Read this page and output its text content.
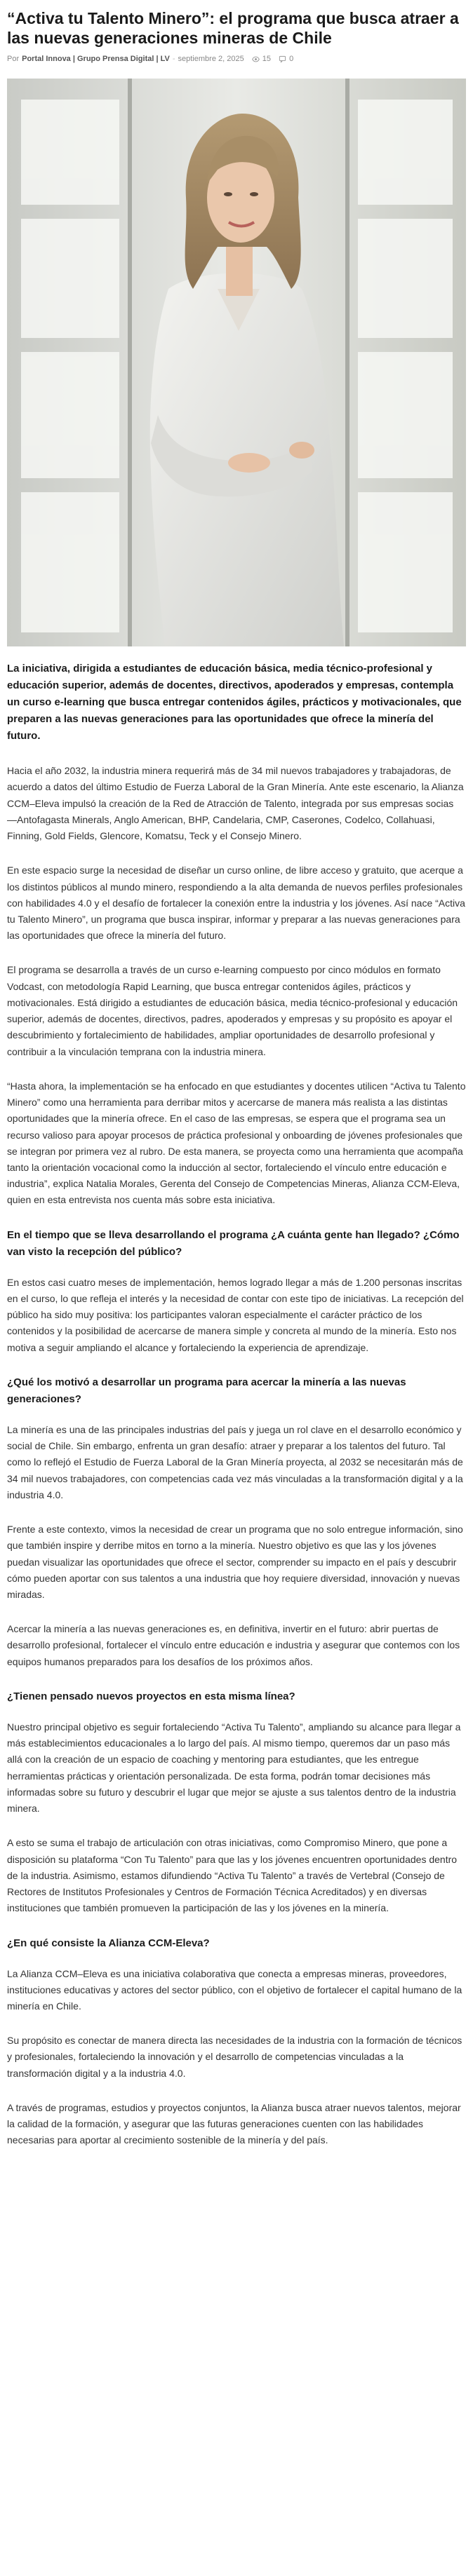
“Activa tu Talento Minero”: el programa que busca atraer a las nuevas generaciones mineras de Chile
Por Portal Innova | Grupo Prensa Digital | LV - septiembre 2, 2025
15
0

La iniciativa, dirigida a estudiantes de educación básica, media técnico-profesional y educación superior, además de docentes, directivos, apoderados y empresas, contempla un curso e-learning que busca entregar contenidos ágiles, prácticos y motivacionales, que preparen a las nuevas generaciones para las oportunidades que ofrece la minería del futuro.

Hacia el año 2032, la industria minera requerirá más de 34 mil nuevos trabajadores y trabajadoras, de acuerdo a datos del último Estudio de Fuerza Laboral de la Gran Minería. Ante este escenario, la Alianza CCM–Eleva impulsó la creación de la Red de Atracción de Talento, integrada por sus empresas socias —Antofagasta Minerals, Anglo American, BHP, Candelaria, CMP, Caserones, Codelco, Collahuasi, Finning, Gold Fields, Glencore, Komatsu, Teck y el Consejo Minero.

En este espacio surge la necesidad de diseñar un curso online, de libre acceso y gratuito, que acerque a los distintos públicos al mundo minero, respondiendo a la alta demanda de nuevos perfiles profesionales con habilidades 4.0 y el desafío de fortalecer la conexión entre la industria y los jóvenes. Así nace “Activa tu Talento Minero”, un programa que busca inspirar, informar y preparar a las nuevas generaciones para las oportunidades que ofrece la minería del futuro.

El programa se desarrolla a través de un curso e-learning compuesto por cinco módulos en formato Vodcast, con metodología Rapid Learning, que busca entregar contenidos ágiles, prácticos y motivacionales. Está dirigido a estudiantes de educación básica, media técnico-profesional y educación superior, además de docentes, directivos, padres, apoderados y empresas y su propósito es apoyar el descubrimiento y fortalecimiento de habilidades, ampliar oportunidades de desarrollo profesional y contribuir a la vinculación temprana con la industria minera.

“Hasta ahora, la implementación se ha enfocado en que estudiantes y docentes utilicen “Activa tu Talento Minero” como una herramienta para derribar mitos y acercarse de manera más realista a las distintas oportunidades que la minería ofrece. En el caso de las empresas, se espera que el programa sea un recurso valioso para apoyar procesos de práctica profesional y onboarding de jóvenes profesionales que se integran por primera vez al rubro. De esta manera, se proyecta como una herramienta que acompaña tanto la orientación vocacional como la inducción al sector, fortaleciendo el vínculo entre educación e industria”, explica Natalia Morales, Gerenta del Consejo de Competencias Mineras, Alianza CCM-Eleva, quien en esta entrevista nos cuenta más sobre esta iniciativa.

En el tiempo que se lleva desarrollando el programa ¿A cuánta gente han llegado? ¿Cómo van visto la recepción del público?

En estos casi cuatro meses de implementación, hemos logrado llegar a más de 1.200 personas inscritas en el curso, lo que refleja el interés y la necesidad de contar con este tipo de iniciativas. La recepción del público ha sido muy positiva: los participantes valoran especialmente el carácter práctico de los contenidos y la posibilidad de acercarse de manera simple y concreta al mundo de la minería. Esto nos motiva a seguir ampliando el alcance y fortaleciendo la experiencia de aprendizaje.

¿Qué los motivó a desarrollar un programa para acercar la minería a las nuevas generaciones?

La minería es una de las principales industrias del país y juega un rol clave en el desarrollo económico y social de Chile. Sin embargo, enfrenta un gran desafío: atraer y preparar a los talentos del futuro. Tal como lo reflejó el Estudio de Fuerza Laboral de la Gran Minería proyecta, al 2032 se necesitarán más de 34 mil nuevos trabajadores, con competencias cada vez más vinculadas a la transformación digital y a la industria 4.0.

Frente a este contexto, vimos la necesidad de crear un programa que no solo entregue información, sino que también inspire y derribe mitos en torno a la minería. Nuestro objetivo es que las y los jóvenes puedan visualizar las oportunidades que ofrece el sector, comprender su impacto en el país y descubrir cómo pueden aportar con sus talentos a una industria que hoy requiere diversidad, innovación y nuevas miradas.

Acercar la minería a las nuevas generaciones es, en definitiva, invertir en el futuro: abrir puertas de desarrollo profesional, fortalecer el vínculo entre educación e industria y asegurar que contemos con los equipos humanos preparados para los desafíos de los próximos años.

¿Tienen pensado nuevos proyectos en esta misma línea?

Nuestro principal objetivo es seguir fortaleciendo “Activa Tu Talento”, ampliando su alcance para llegar a más establecimientos educacionales a lo largo del país. Al mismo tiempo, queremos dar un paso más allá con la creación de un espacio de coaching y mentoring para estudiantes, que les entregue herramientas prácticas y orientación personalizada. De esta forma, podrán tomar decisiones más informadas sobre su futuro y descubrir el lugar que mejor se ajuste a sus talentos dentro de la industria minera.

A esto se suma el trabajo de articulación con otras iniciativas, como Compromiso Minero, que pone a disposición su plataforma “Con Tu Talento” para que las y los jóvenes encuentren oportunidades dentro de la industria. Asimismo, estamos difundiendo “Activa Tu Talento” a través de Vertebral (Consejo de Rectores de Institutos Profesionales y Centros de Formación Técnica Acreditados) y en diversas instituciones que también promueven la participación de las y los jóvenes en la minería.

¿En qué consiste la Alianza CCM-Eleva?

La Alianza CCM–Eleva es una iniciativa colaborativa que conecta a empresas mineras, proveedores, instituciones educativas y actores del sector público, con el objetivo de fortalecer el capital humano de la minería en Chile.

Su propósito es conectar de manera directa las necesidades de la industria con la formación de técnicos y profesionales, fortaleciendo la innovación y el desarrollo de competencias vinculadas a la transformación digital y a la industria 4.0.

A través de programas, estudios y proyectos conjuntos, la Alianza busca atraer nuevos talentos, mejorar la calidad de la formación, y asegurar que las futuras generaciones cuenten con las habilidades necesarias para aportar al crecimiento sostenible de la minería y del país.
